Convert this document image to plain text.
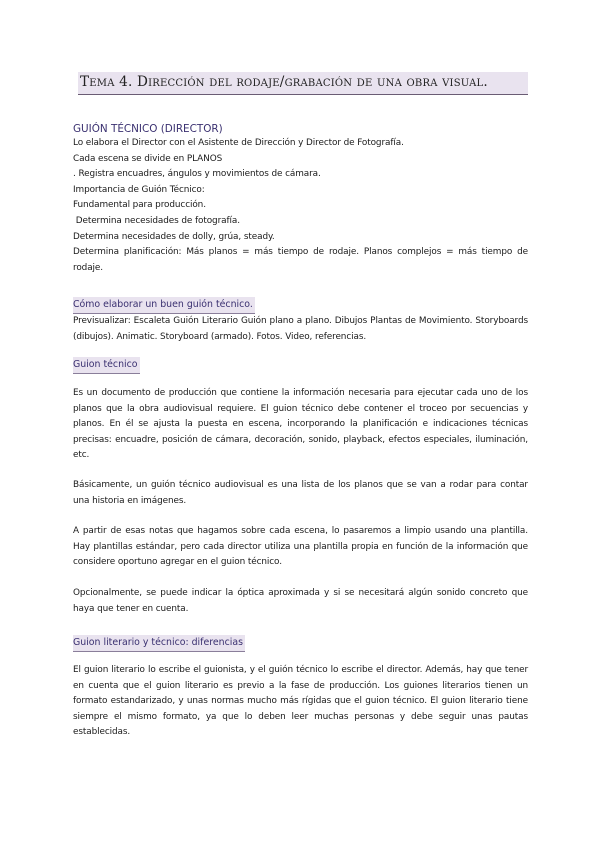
Tema 4. Dirección del rodaje/grabación de una obra visual.
GUIÓN TÉCNICO (DIRECTOR)
Lo elabora el Director con el Asistente de Dirección y Director de Fotografía.
Cada escena se divide en PLANOS
. Registra encuadres, ángulos y movimientos de cámara.
Importancia de Guión Técnico:
Fundamental para producción.
Determina necesidades de fotografía.
Determina necesidades de dolly, grúa, steady.
Determina planificación: Más planos = más tiempo de rodaje. Planos complejos = más tiempo de rodaje.
Cómo elaborar un buen guión técnico.
Previsualizar: Escaleta Guión Literario Guión plano a plano. Dibujos Plantas de Movimiento. Storyboards (dibujos). Animatic. Storyboard (armado). Fotos. Video, referencias.
Guion técnico
Es un documento de producción que contiene la información necesaria para ejecutar cada uno de los planos que la obra audiovisual requiere. El guion técnico debe contener el troceo por secuencias y planos. En él se ajusta la puesta en escena, incorporando la planificación e indicaciones técnicas precisas: encuadre, posición de cámara, decoración, sonido, playback, efectos especiales, iluminación, etc.
Básicamente, un guión técnico audiovisual es una lista de los planos que se van a rodar para contar una historia en imágenes.
A partir de esas notas que hagamos sobre cada escena, lo pasaremos a limpio usando una plantilla. Hay plantillas estándar, pero cada director utiliza una plantilla propia en función de la información que considere oportuno agregar en el guion técnico.
Opcionalmente, se puede indicar la óptica aproximada y si se necesitará algún sonido concreto que haya que tener en cuenta.
Guion literario y técnico: diferencias
El guion literario lo escribe el guionista, y el guión técnico lo escribe el director. Además, hay que tener en cuenta que el guion literario es previo a la fase de producción. Los guiones literarios tienen un formato estandarizado, y unas normas mucho más rígidas que el guion técnico. El guion literario tiene siempre el mismo formato, ya que lo deben leer muchas personas y debe seguir unas pautas establecidas.
